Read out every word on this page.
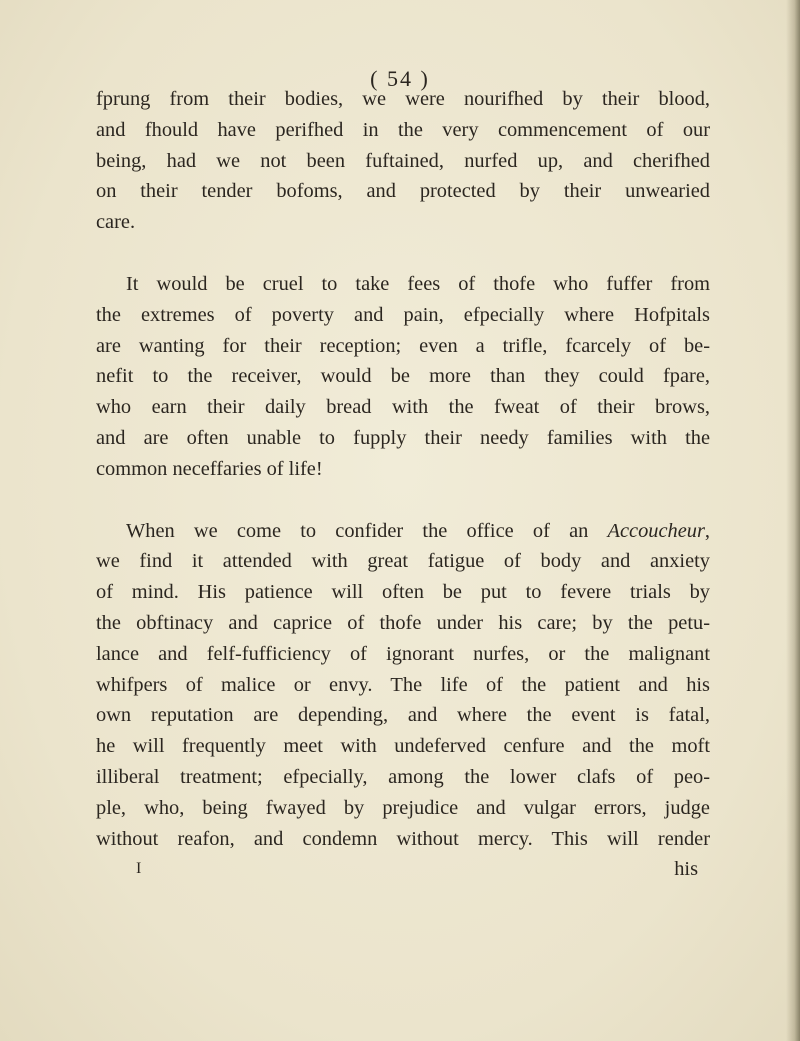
( 54 )
fprung from their bodies, we were nourifhed by their blood,
and fhould have perifhed in the very commencement of our
being, had we not been fuftained, nurfed up, and cherifhed
on their tender bofoms, and protected by their unwearied
care.
It would be cruel to take fees of thofe who fuffer from
the extremes of poverty and pain, efpecially where Hofpitals
are wanting for their reception; even a trifle, fcarcely of be-
nefit to the receiver, would be more than they could fpare,
who earn their daily bread with the fweat of their brows,
and are often unable to fupply their needy families with the
common neceffaries of life!
When we come to confider the office of an Accoucheur,
we find it attended with great fatigue of body and anxiety
of mind. His patience will often be put to fevere trials by
the obftinacy and caprice of thofe under his care; by the petu-
lance and felf-fufficiency of ignorant nurfes, or the malignant
whifpers of malice or envy. The life of the patient and his
own reputation are depending, and where the event is fatal,
he will frequently meet with undeferved cenfure and the moft
illiberal treatment; efpecially, among the lower clafs of peo-
ple, who, being fwayed by prejudice and vulgar errors, judge
without reafon, and condemn without mercy. This will render
I	his
